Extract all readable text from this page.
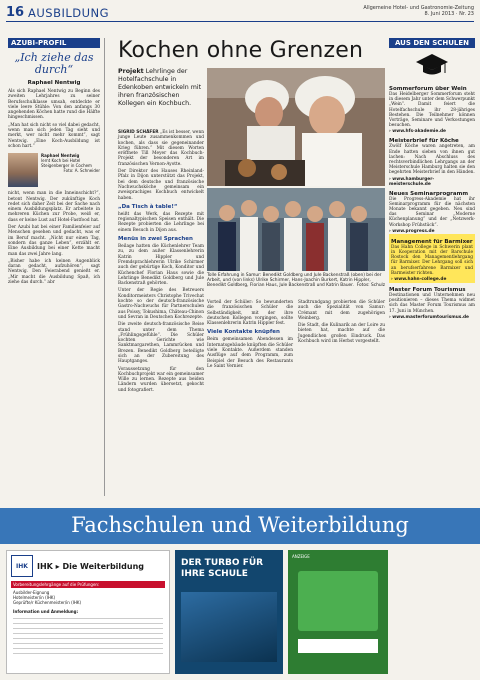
16 AUSBILDUNG	Allgemeine Hotel- und Gastronomie-Zeitung
8. Juni 2013 · Nr. 23
AZUBI-PROFIL
„Ich ziehe das durch“
Raphael Nentwig

Als sich Raphael Nentwig zu Beginn des zweiten Lehrjahres zu seiner Berufsschulklasse umsah, entdeckte er viele leere Stühle: Von den anfangs 30 angehenden Köchen hatte rund die Hälfte hingeschmissen.

„Man hat sich nicht so viel dabei gedacht, wenn man sich jeden Tag sieht und merkt, wer nicht mehr kommt“, sagt Nentwig. „Eine Koch-Ausbildung ist schon hart.“

Raphael Nentwig
lernt Koch bei Hotel Steigenberger in Cochem
Foto: A. Schneider

nicht, wenn man in die Inneinschicht?“, betont Nentwig. Der zukünftige Koch redet sich daher Zeit bei der Sache nach einem Ausbildungsplatz. Er arbeitete in mehreren Küchen zur Probe, weiß er, dass er keine Lust auf Hotel-Fastfood hat.

Der Azubi hat bei einer Familienfeier auf Menschen gesehen und gedacht, was er im Beruf macht. „Nicht nur einen Tag, sondern das ganze Leben“, erzählt er. Eine Ausbildung bei einer Kette macht man das zwei Jahre lang.

„Bisher habe ich keinen Augenblick daran gedacht, aufzuhören“, sagt Nentwig. Den Feierabend genießt er. „Mir macht die Ausbildung Spaß, ich ziehe das durch.“ abr

Kochen ohne Grenzen
Projekt Lehrlinge der Hotelfachschule in Edenkoben entwickeln mit ihren französischen Kollegen ein Kochbuch.
SIGRID SCHÄFER „Es ist besser, wenn junge Leute zusammenkommen und kochen, als dass sie gegeneinander Krieg führen.“ Mit diesem Worten eröffnete Till Meyer das Kochbuch-Projekt der besonderen Art im französischen Vernon-Ayotte.

Der Direktor des Hauses Rheinland-Pfalz in Dijon unterstützt das Projekt, bei dem deutsche und französische Nachwuchsköche gemeinsam ein zweisprachiges Kochbuch entwickelt haben.

„Da Tisch à table!“

heißt das Werk, das Rezepte mit regionaltypischen Speisen enthält. Die Rezepte probierten die Lehrlinge bei einem Besuch in Dijon aus.

Menüs in zwei Sprachen

Beilage hatten die Küchenlehrer Team zu, zu dem außer Klassenlehrerin Katrin Hippler und Fremdsprachlehrerin Ulrike Schirmer auch der gebürtige Koch, Konditor und Küchenchef Florian Haus sowie die Lehrlinge Benedikt Goldberg und Jule Backenstraß gehörten.

Unter der Regie des Betreuers Konditormeisters Christophe Trivechat kochte so der deutsch-französische Gastro-Nachwuchs für Partnerschulen aus Poissy, Tokushima, Château-Chinon und Sevran in Deutschen Kochrezepte.

Die zweite deutsch-französische Reise stand unter dem Thema „Frühlingsgefühle“. Die Schüler kochten Gerichte wie Sanktmargarethen, Lammrücken und Brezen. Benedikt Goldberg beteiligte sich an der Zubereitung des Hauptganges.

Voraussetzung für den Kochbuchprojekt war ein gemeinsamer Wille zu lernen. Rezepte aus beiden Ländern wurden übersetzt, gekocht und fotografiert.

Tolle Erfahrung in Samur: Benedikt Goldberg und Jule Backenstraß (oben) bei der Arbeit, und (von links) Ulrike Schirmer, Hans-Joachin Burkert, Katrin Hippler, Benedikt Goldberg, Florian Haus, Jule Backenstraß und Katrin Bauer. Fotos: Schulz

Vorteil der Schüler: So bewunderten die französischen Schüler die Selbständigkeit, mit der ihre deutschen Kollegen vorgingen, sollte Klassenlehrerin Katrin Hippler fest.

Viele Kontakte knüpfen

Beim gemeinsamen Abendessen im Internatsgebäude knüpften die Schüler viele Kontakte. Außerdem standen Ausflüge auf dem Programm, zum Beispiel der Besuch des Restaurants Le Saint Vernier.

Stadtrundgang probierten die Schüler auch die Spezialität von Samur: Crémant mit dem zugehörigen Weinberg.

Die Stadt, die Kulinarik an der Loire zu bieten hat, machte auf die Jugendlichen großen Eindruck. Das Kochbuch wird im Herbst vorgestellt.

AUS DEN SCHULEN
Sommerforum über Wein

Das Heidelberger Sommerforum steht in diesem Jahr unter dem Schwerpunkt „Wein“. Damit feiert die Hotelfachschule ihr 28-jähriges Bestehen. Die Teilnehmer können Vorträge, Seminare und Verkostungen besuchen.

› www.hfs-akademie.de
Meisterbrief für Köche

Zwölf Köche waren angetreten, am Ende hatten sieben von ihnen gut lachen: Nach Abschluss des rechtsverbindlichen Lehrgangs an der Meisterschule Hamburg halten sie den begehrten Meisterbrief in den Händen.

› www.hamburger-meisterschule.de
Neues Seminarprogramm

Die Progress-Akademie hat ihr Seminarprogramm für die nächsten Monate bekannt gegeben. Neu sind das Seminar „Moderne Küchenplanung“ und der „Netzwerk-Workshop Frühstück“.

› www.progress.de
Management für Barmixer

Das Hahn College in Schwerin plant in Kooperation mit der Barschule Rostock den Managementlehrgang für Barmixer. Der Lehrgang soll sich an berufserfahrene Barmixer und Barmeister richten.

› www.hahn-college.de
Master Forum Tourismus

Destinationen und Unternehmen neu positionieren – dieses Thema widmet sich das Master Forum Tourismus am 17. Juni in München.

› www.masterforumtourismus.de
Fachschulen und Weiterbildung
IHK	IHK ▸ Die Weiterbildung
Vorbereitungslehrgänge auf die Prüfungen:
Ausbilder-Eignung
Hotelmeister/in (IHK)
Geprüfte/r Küchenmeister/in (IHK)
Information und Anmeldung:
DER TURBO FÜR IHRE SCHULE
ANZEIGE
